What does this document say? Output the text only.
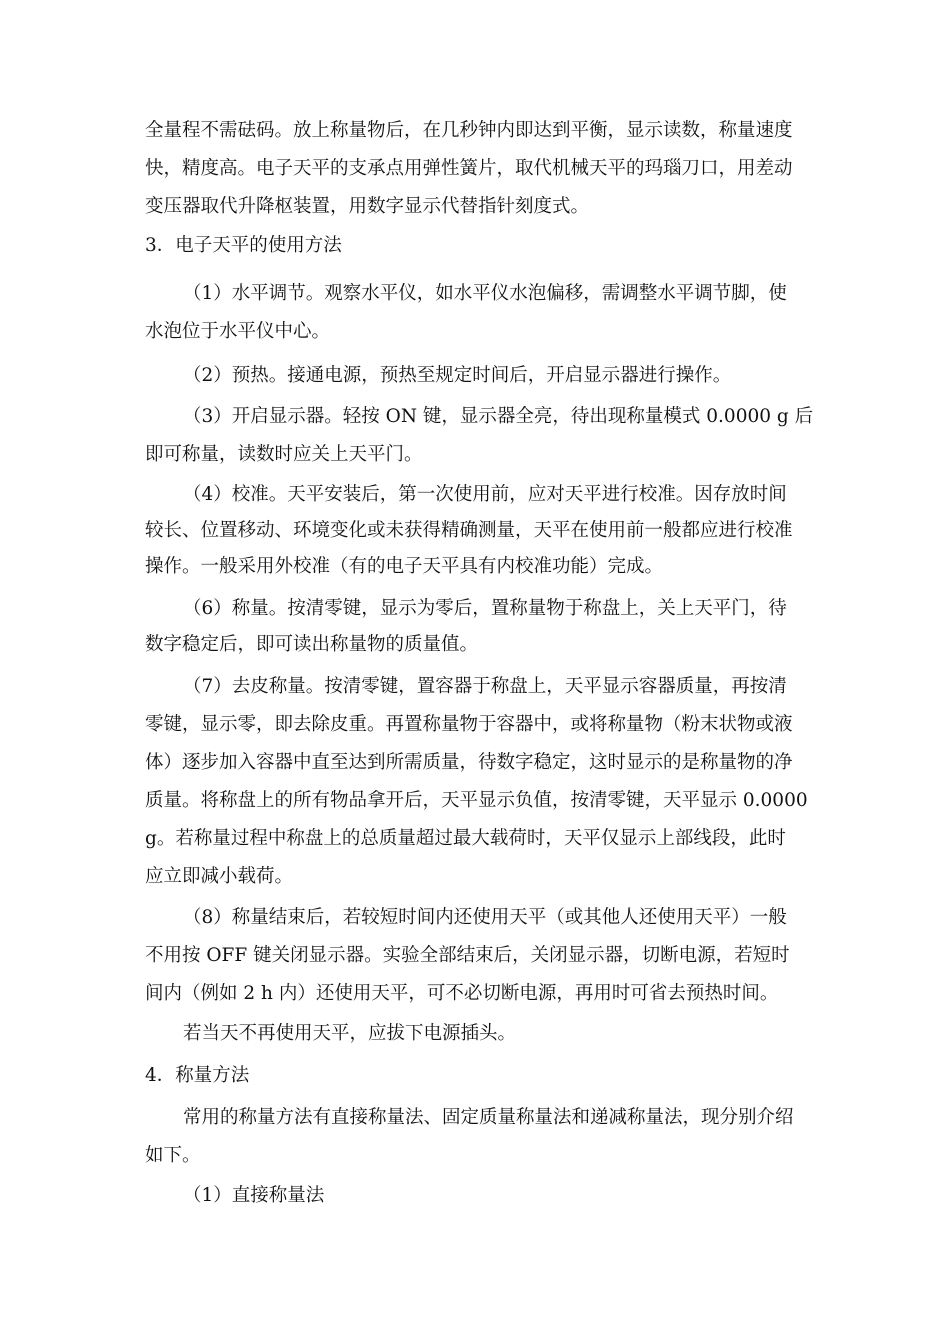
全量程不需砝码。放上称量物后，在几秒钟内即达到平衡，显示读数，称量速度
快，精度高。电子天平的支承点用弹性簧片，取代机械天平的玛瑙刀口，用差动
变压器取代升降枢装置，用数字显示代替指针刻度式。
3．电子天平的使用方法
（1）水平调节。观察水平仪，如水平仪水泡偏移，需调整水平调节脚，使
水泡位于水平仪中心。
（2）预热。接通电源，预热至规定时间后，开启显示器进行操作。
（3）开启显示器。轻按 ON 键，显示器全亮，待出现称量模式 0.0000 g 后
即可称量，读数时应关上天平门。
（4）校准。天平安装后，第一次使用前，应对天平进行校准。因存放时间
较长、位置移动、环境变化或未获得精确测量，天平在使用前一般都应进行校准
操作。一般采用外校准（有的电子天平具有内校准功能）完成。
（6）称量。按清零键，显示为零后，置称量物于称盘上，关上天平门，待
数字稳定后，即可读出称量物的质量值。
（7）去皮称量。按清零键，置容器于称盘上，天平显示容器质量，再按清
零键，显示零，即去除皮重。再置称量物于容器中，或将称量物（粉末状物或液
体）逐步加入容器中直至达到所需质量，待数字稳定，这时显示的是称量物的净
质量。将称盘上的所有物品拿开后，天平显示负值，按清零键，天平显示 0.0000
g。若称量过程中称盘上的总质量超过最大载荷时，天平仅显示上部线段，此时
应立即减小载荷。
（8）称量结束后，若较短时间内还使用天平（或其他人还使用天平）一般
不用按 OFF 键关闭显示器。实验全部结束后，关闭显示器，切断电源，若短时
间内（例如 2 h 内）还使用天平，可不必切断电源，再用时可省去预热时间。
若当天不再使用天平，应拔下电源插头。
4．称量方法
常用的称量方法有直接称量法、固定质量称量法和递减称量法，现分别介绍
如下。
（1）直接称量法
